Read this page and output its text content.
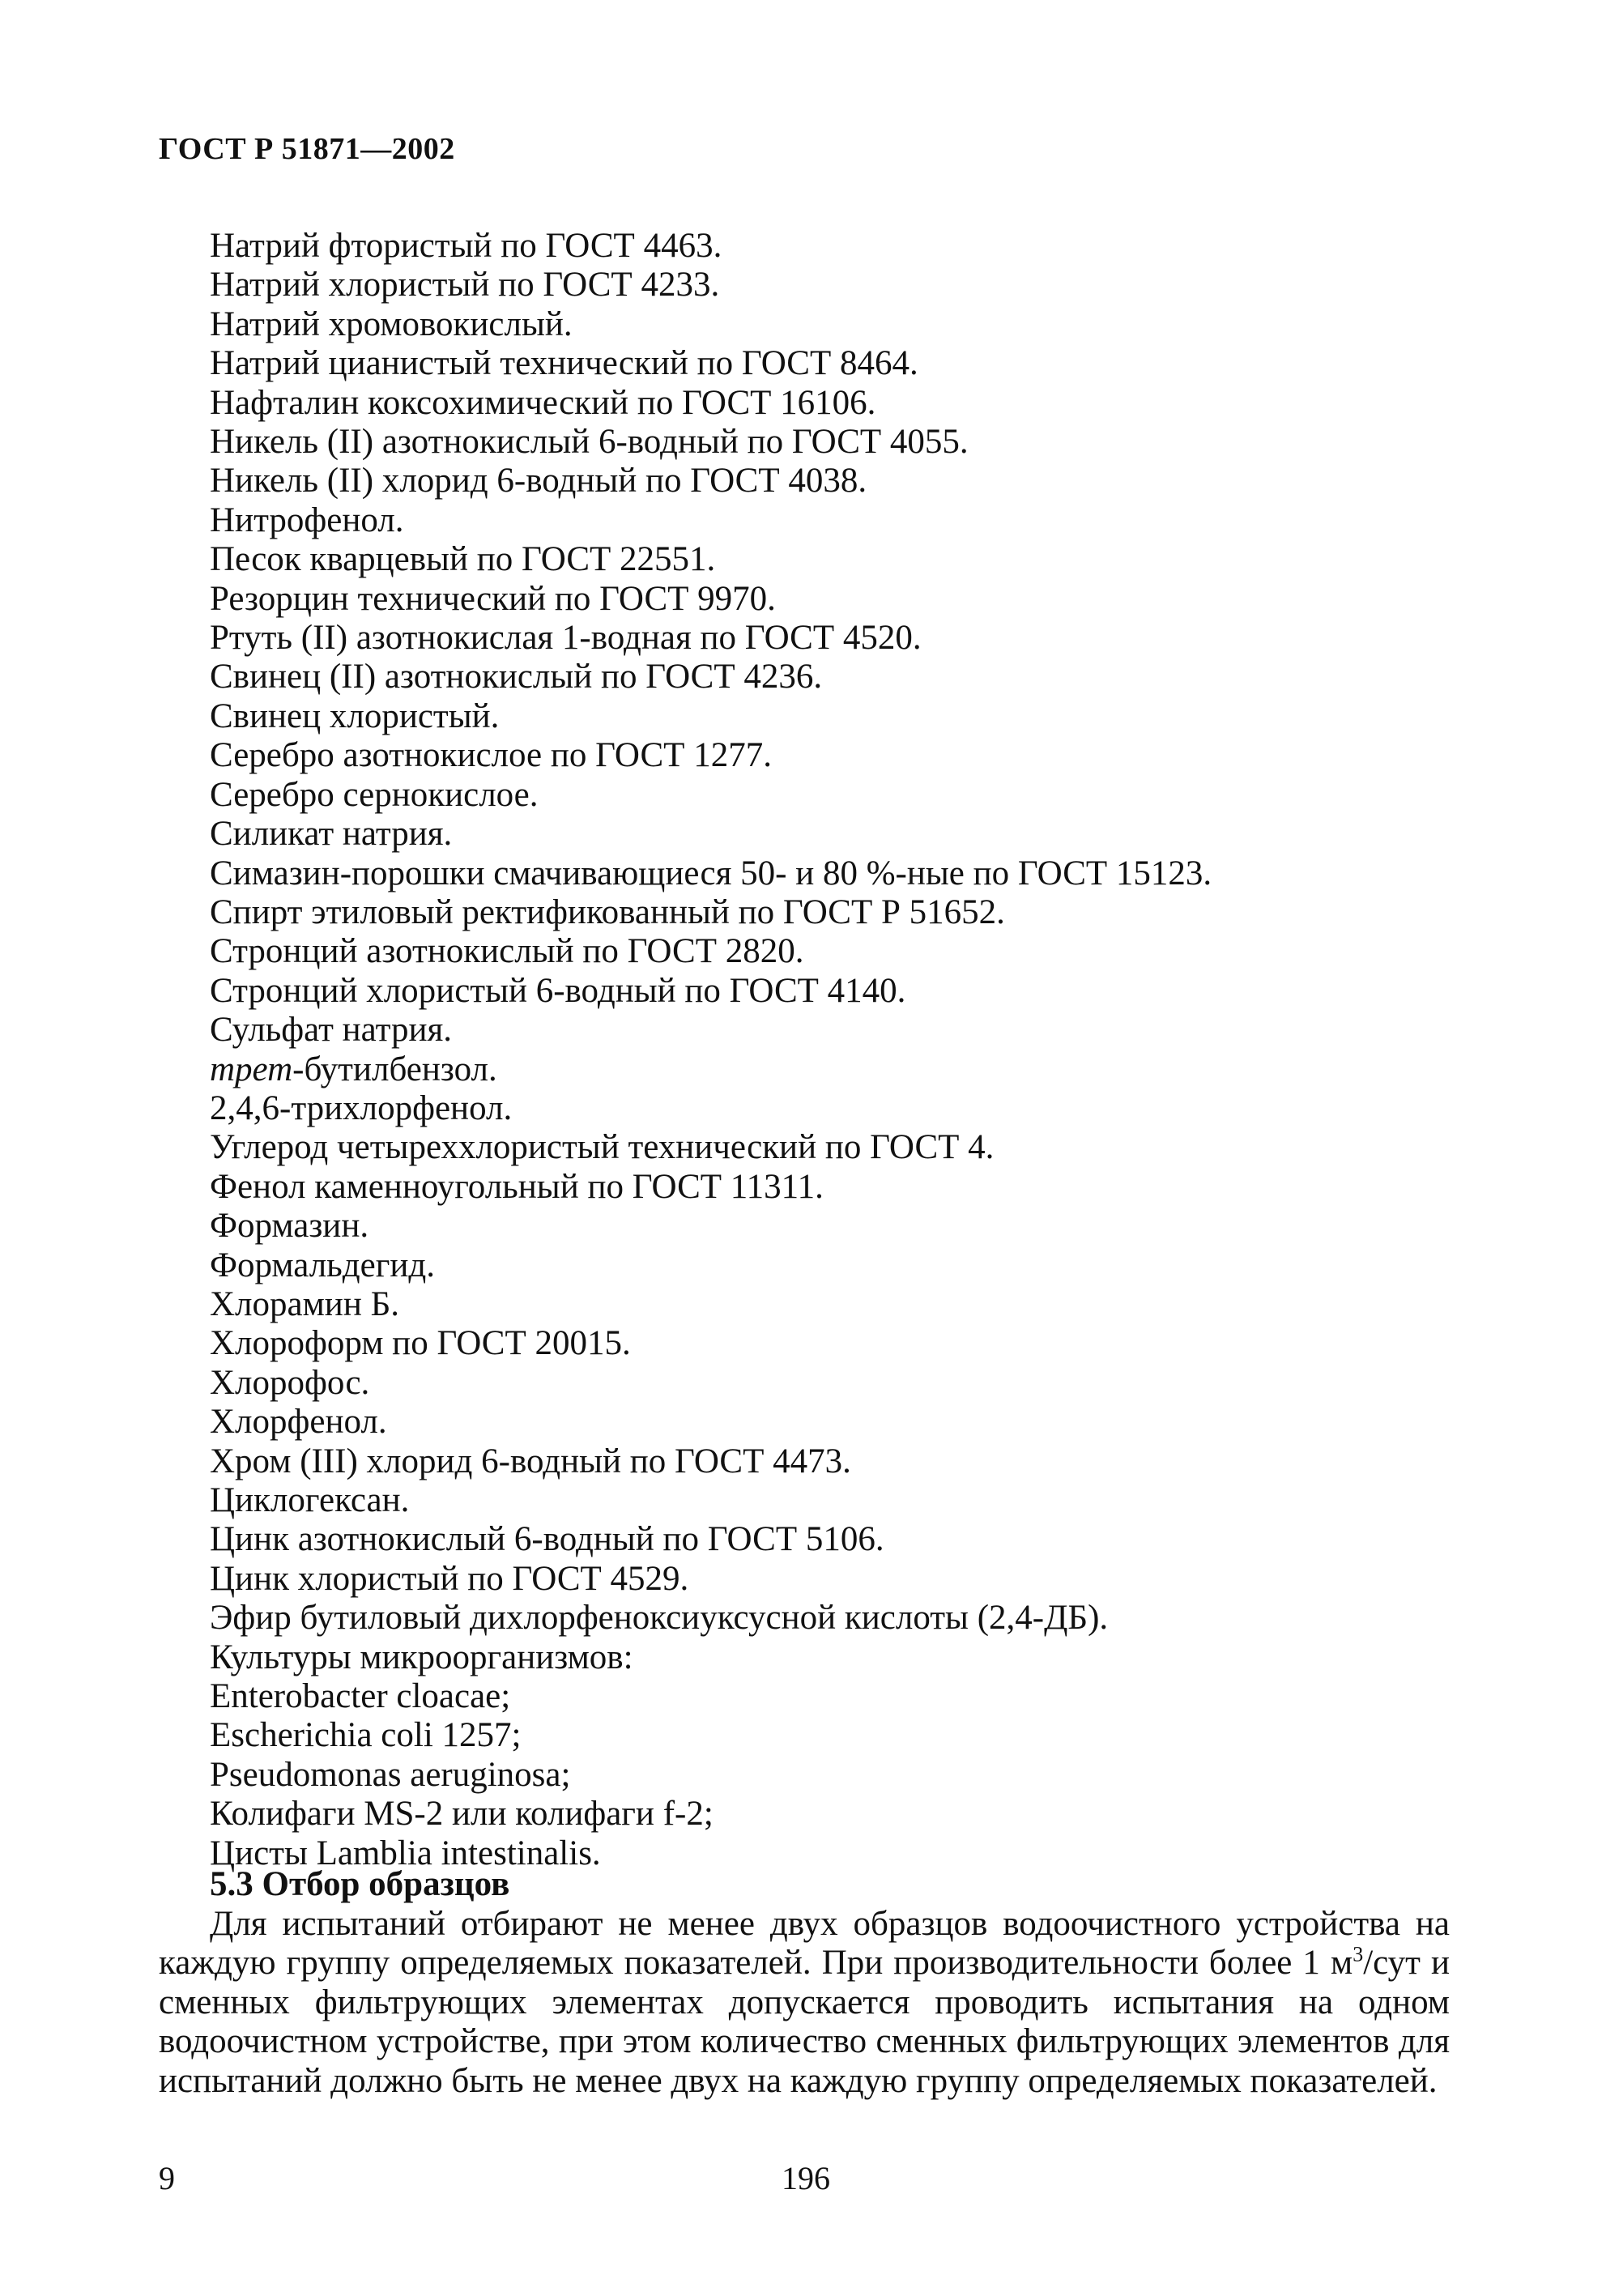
ГОСТ Р 51871—2002
Натрий фтористый по ГОСТ 4463.
Натрий хлористый по ГОСТ 4233.
Натрий хромовокислый.
Натрий цианистый технический по ГОСТ 8464.
Нафталин коксохимический по ГОСТ 16106.
Никель (II) азотнокислый 6-водный по ГОСТ 4055.
Никель (II) хлорид 6-водный по ГОСТ 4038.
Нитрофенол.
Песок кварцевый по ГОСТ 22551.
Резорцин технический по ГОСТ 9970.
Ртуть (II) азотнокислая 1-водная по ГОСТ 4520.
Свинец (II) азотнокислый по ГОСТ 4236.
Свинец хлористый.
Серебро азотнокислое по ГОСТ 1277.
Серебро сернокислое.
Силикат натрия.
Симазин-порошки смачивающиеся 50- и 80 %-ные по ГОСТ 15123.
Спирт этиловый ректификованный по ГОСТ Р 51652.
Стронций азотнокислый по ГОСТ 2820.
Стронций хлористый 6-водный по ГОСТ 4140.
Сульфат натрия.
трет-бутилбензол.
2,4,6-трихлорфенол.
Углерод четыреххлористый технический по ГОСТ 4.
Фенол каменноугольный по ГОСТ 11311.
Формазин.
Формальдегид.
Хлорамин Б.
Хлороформ по ГОСТ 20015.
Хлорофос.
Хлорфенол.
Хром (III) хлорид 6-водный по ГОСТ 4473.
Циклогексан.
Цинк азотнокислый 6-водный по ГОСТ 5106.
Цинк хлористый по ГОСТ 4529.
Эфир бутиловый дихлорфеноксиуксусной кислоты (2,4-ДБ).
Культуры микроорганизмов:
Enterobacter cloacae;
Escherichia coli 1257;
Pseudomonas aeruginosa;
Колифаги MS-2 или колифаги f-2;
Цисты Lamblia intestinalis.
5.3 Отбор образцов

Для испытаний отбирают не менее двух образцов водоочистного устройства на каждую группу определяемых показателей. При производительности более 1 $м^3$/сут и сменных фильтрующих элементах допускается проводить испытания на одном водоочистном устройстве, при этом количество сменных фильтрующих элементов для испытаний должно быть не менее двух на каждую группу определяемых показателей.

9	196
